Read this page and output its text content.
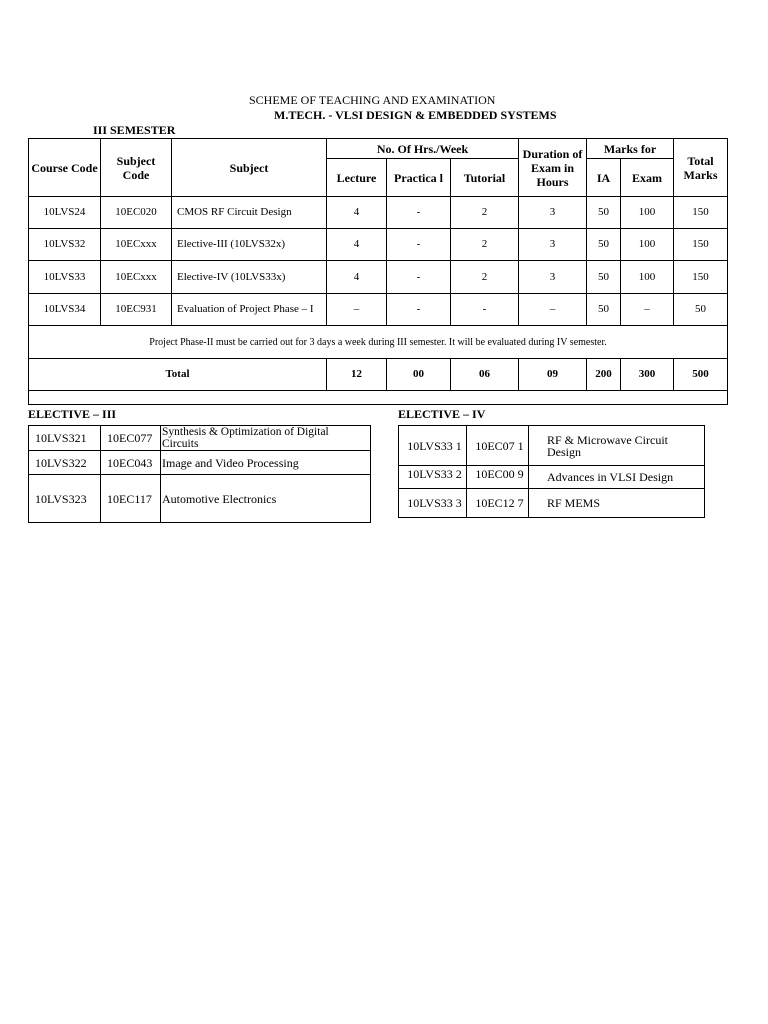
SCHEME OF TEACHING AND EXAMINATION
M.TECH. - VLSI DESIGN & EMBEDDED SYSTEMS
III SEMESTER
Course Code	Subject Code	Subject	No. Of Hrs./Week			Duration of Exam in Hours	Marks for		Total Marks
			Lecture	Practica l	Tutorial		IA	Exam	
10LVS24	10EC020	CMOS RF Circuit Design	4	-	2	3	50	100	150
10LVS32	10ECxxx	Elective-III (10LVS32x)	4	-	2	3	50	100	150
10LVS33	10ECxxx	Elective-IV (10LVS33x)	4	-	2	3	50	100	150
10LVS34	10EC931	Evaluation of Project Phase – I	–	-	-	–	50	–	50
Project Phase-II must be carried out for 3 days a week during III semester. It will be evaluated during IV semester.									
Total			12	00	06	09	200	300	500

ELECTIVE – III	ELECTIVE – IV
10LVS321	10EC077	Synthesis & Optimization of Digital Circuits
10LVS322	10EC043	Image and Video Processing
10LVS323	10EC117	Automotive Electronics
10LVS33 1	10EC07 1	RF & Microwave Circuit Design
10LVS33 2	10EC00 9	Advances in VLSI Design
10LVS33 3	10EC12 7	RF MEMS
